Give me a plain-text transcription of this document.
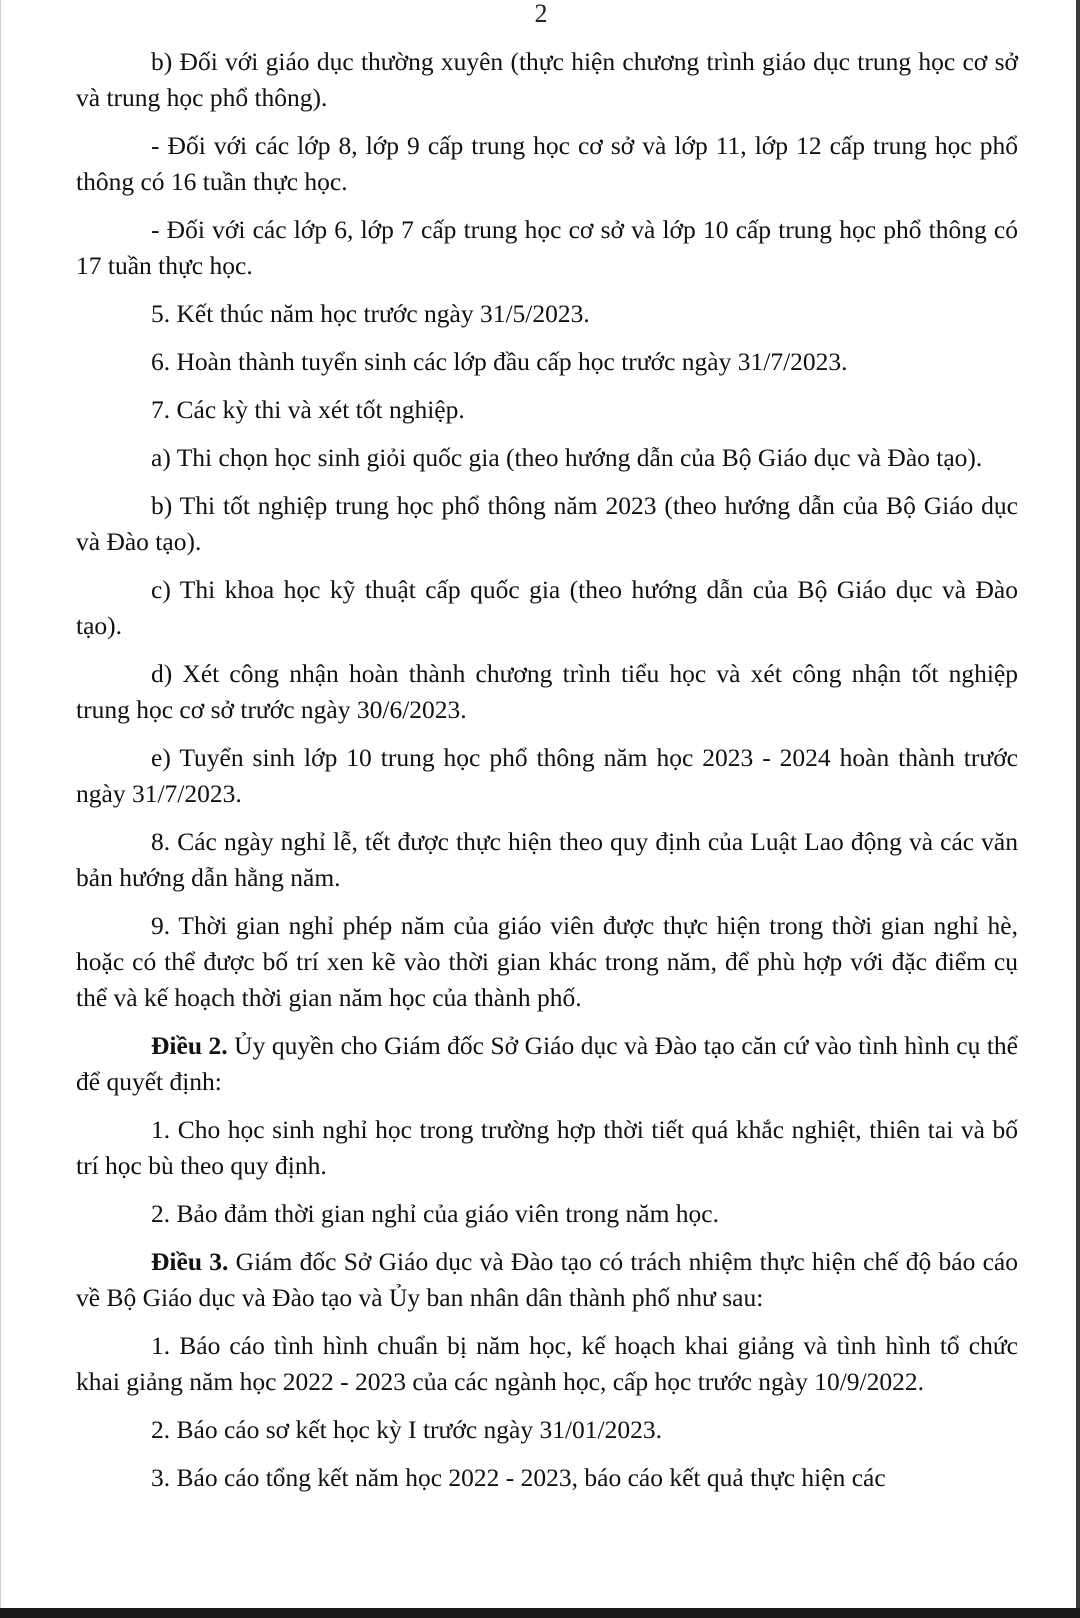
2

b) Đối với giáo dục thường xuyên (thực hiện chương trình giáo dục trung học cơ sở và trung học phổ thông).

- Đối với các lớp 8, lớp 9 cấp trung học cơ sở và lớp 11, lớp 12 cấp trung học phổ thông có 16 tuần thực học.

- Đối với các lớp 6, lớp 7 cấp trung học cơ sở và lớp 10 cấp trung học phổ thông có 17 tuần thực học.

5. Kết thúc năm học trước ngày 31/5/2023.

6. Hoàn thành tuyển sinh các lớp đầu cấp học trước ngày 31/7/2023.

7. Các kỳ thi và xét tốt nghiệp.

a) Thi chọn học sinh giỏi quốc gia (theo hướng dẫn của Bộ Giáo dục và Đào tạo).

b) Thi tốt nghiệp trung học phổ thông năm 2023 (theo hướng dẫn của Bộ Giáo dục và Đào tạo).

c) Thi khoa học kỹ thuật cấp quốc gia (theo hướng dẫn của Bộ Giáo dục và Đào tạo).

d) Xét công nhận hoàn thành chương trình tiểu học và xét công nhận tốt nghiệp trung học cơ sở trước ngày 30/6/2023.

e) Tuyển sinh lớp 10 trung học phổ thông năm học 2023 - 2024 hoàn thành trước ngày 31/7/2023.

8. Các ngày nghỉ lễ, tết được thực hiện theo quy định của Luật Lao động và các văn bản hướng dẫn hằng năm.

9. Thời gian nghỉ phép năm của giáo viên được thực hiện trong thời gian nghỉ hè, hoặc có thể được bố trí xen kẽ vào thời gian khác trong năm, để phù hợp với đặc điểm cụ thể và kế hoạch thời gian năm học của thành phố.

Điều 2. Ủy quyền cho Giám đốc Sở Giáo dục và Đào tạo căn cứ vào tình hình cụ thể để quyết định:

1. Cho học sinh nghỉ học trong trường hợp thời tiết quá khắc nghiệt, thiên tai và bố trí học bù theo quy định.

2. Bảo đảm thời gian nghỉ của giáo viên trong năm học.

Điều 3. Giám đốc Sở Giáo dục và Đào tạo có trách nhiệm thực hiện chế độ báo cáo về Bộ Giáo dục và Đào tạo và Ủy ban nhân dân thành phố như sau:

1. Báo cáo tình hình chuẩn bị năm học, kế hoạch khai giảng và tình hình tổ chức khai giảng năm học 2022 - 2023 của các ngành học, cấp học trước ngày 10/9/2022.

2. Báo cáo sơ kết học kỳ I trước ngày 31/01/2023.

3. Báo cáo tổng kết năm học 2022 - 2023, báo cáo kết quả thực hiện các
